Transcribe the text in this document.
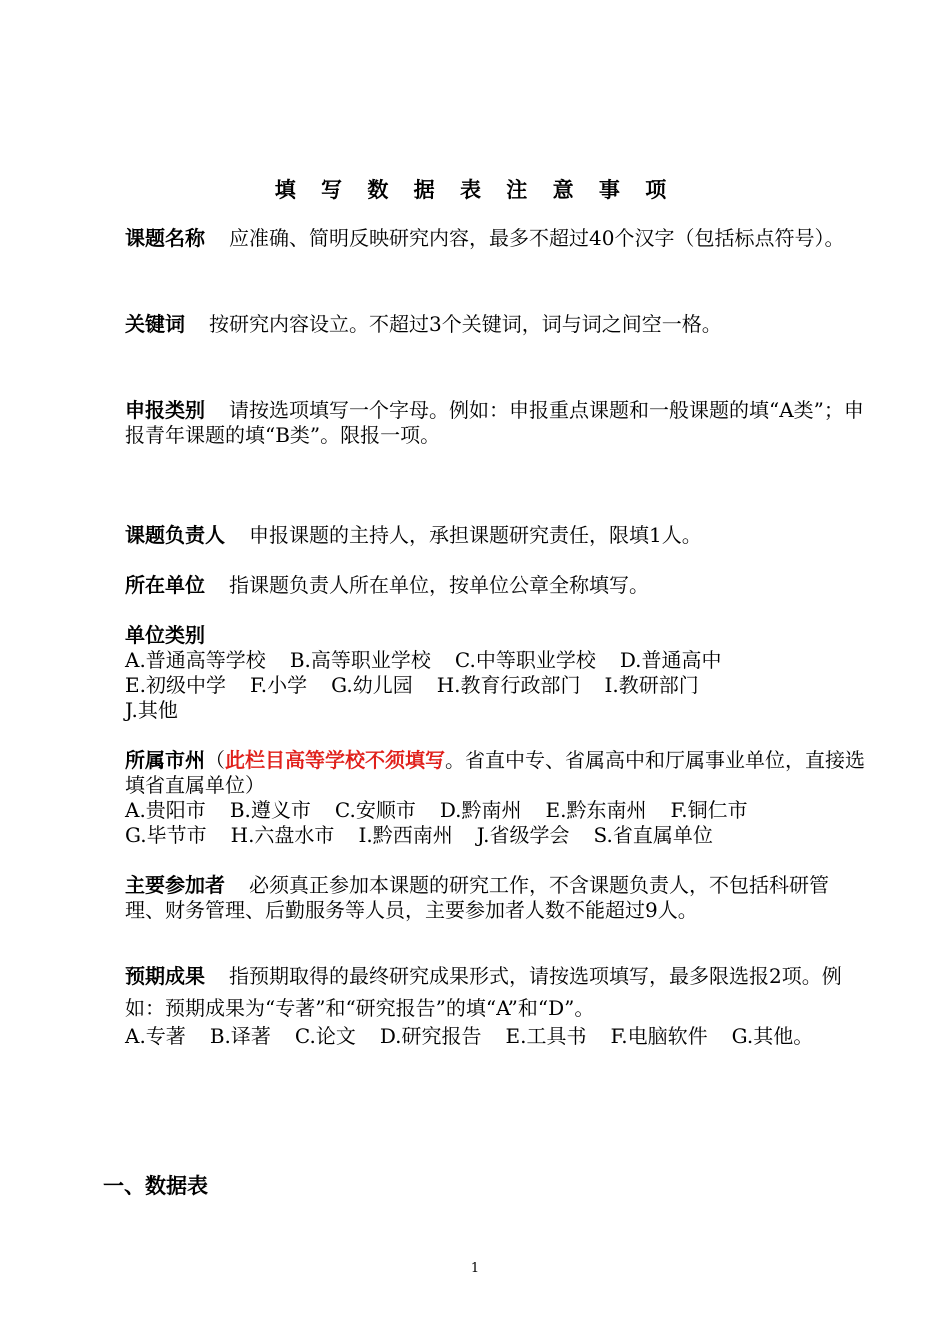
填 写 数 据 表 注 意 事 项
课题名称 应准确、简明反映研究内容，最多不超过40个汉字（包括标点符号）。
关键词 按研究内容设立。不超过3个关键词，词与词之间空一格。
申报类别 请按选项填写一个字母。例如：申报重点课题和一般课题的填“A类”；申报青年课题的填“B类”。限报一项。
课题负责人 申报课题的主持人，承担课题研究责任，限填1人。
所在单位 指课题负责人所在单位，按单位公章全称填写。
单位类别
A.普通高等学校 B.高等职业学校 C.中等职业学校 D.普通高中
E.初级中学 F.小学 G.幼儿园 H.教育行政部门 I.教研部门
J.其他
所属市州（此栏目高等学校不须填写。省直中专、省属高中和厅属事业单位，直接选填省直属单位）
A.贵阳市 B.遵义市 C.安顺市 D.黔南州 E.黔东南州 F.铜仁市
G.毕节市 H.六盘水市 I.黔西南州 J.省级学会 S.省直属单位
主要参加者 必须真正参加本课题的研究工作，不含课题负责人，不包括科研管理、财务管理、后勤服务等人员，主要参加者人数不能超过9人。
预期成果 指预期取得的最终研究成果形式，请按选项填写，最多限选报2项。例如：预期成果为“专著”和“研究报告”的填“A”和“D”。
A.专著 B.译著 C.论文 D.研究报告 E.工具书 F.电脑软件 G.其他。
一、数据表
1
